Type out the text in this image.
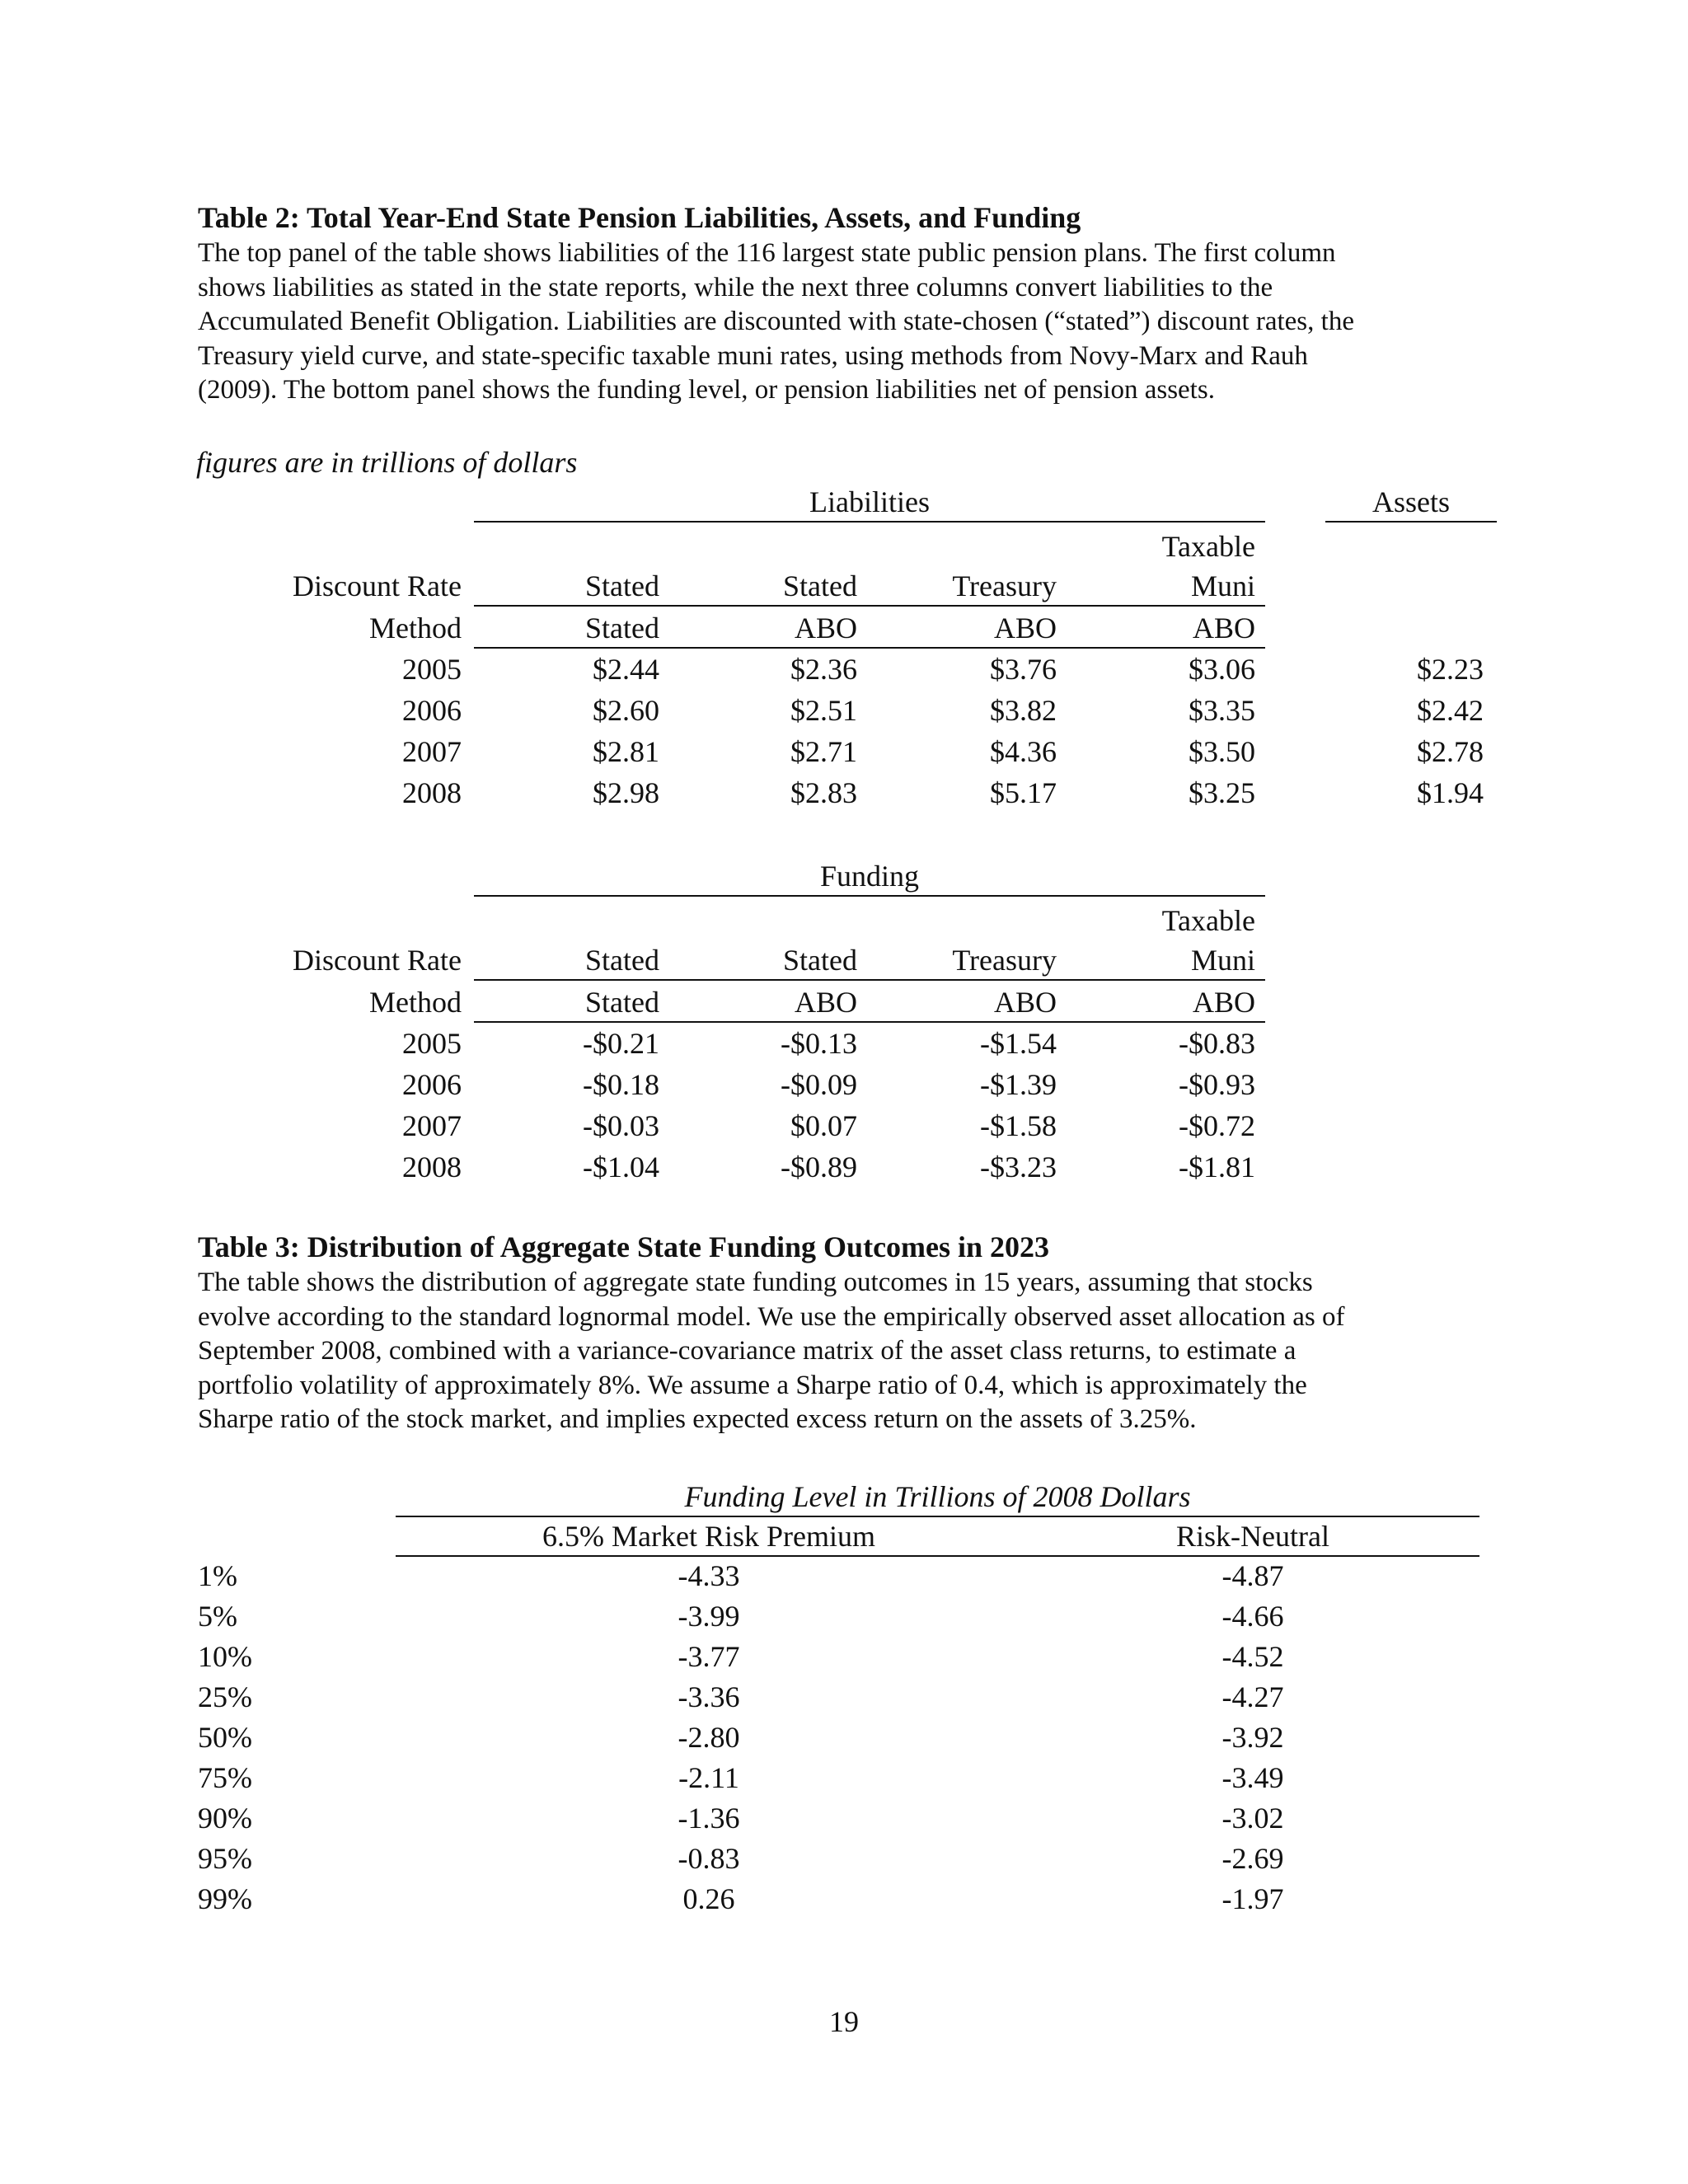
Table 2: Total Year-End State Pension Liabilities, Assets, and Funding
The top panel of the table shows liabilities of the 116 largest state public pension plans. The first column
shows liabilities as stated in the state reports, while the next three columns convert liabilities to the
Accumulated Benefit Obligation. Liabilities are discounted with state-chosen (“stated”) discount rates, the
Treasury yield curve, and state-specific taxable muni rates, using methods from Novy-Marx and Rauh
(2009). The bottom panel shows the funding level, or pension liabilities net of pension assets.
figures are in trillions of dollars
Liabilities	Assets
Taxable
Discount Rate	Stated	Stated	Treasury	Muni
Method	Stated	ABO	ABO	ABO
2005	$2.44	$2.36	$3.76	$3.06	$2.23
2006	$2.60	$2.51	$3.82	$3.35	$2.42
2007	$2.81	$2.71	$4.36	$3.50	$2.78
2008	$2.98	$2.83	$5.17	$3.25	$1.94
Funding
Taxable
Discount Rate	Stated	Stated	Treasury	Muni
Method	Stated	ABO	ABO	ABO
2005	-$0.21	-$0.13	-$1.54	-$0.83
2006	-$0.18	-$0.09	-$1.39	-$0.93
2007	-$0.03	$0.07	-$1.58	-$0.72
2008	-$1.04	-$0.89	-$3.23	-$1.81
Table 3: Distribution of Aggregate State Funding Outcomes in 2023
The table shows the distribution of aggregate state funding outcomes in 15 years, assuming that stocks
evolve according to the standard lognormal model. We use the empirically observed asset allocation as of
September 2008, combined with a variance-covariance matrix of the asset class returns, to estimate a
portfolio volatility of approximately 8%. We assume a Sharpe ratio of 0.4, which is approximately the
Sharpe ratio of the stock market, and implies expected excess return on the assets of 3.25%.
Funding Level in Trillions of 2008 Dollars
6.5% Market Risk Premium	Risk-Neutral
1%	-4.33	-4.87
5%	-3.99	-4.66
10%	-3.77	-4.52
25%	-3.36	-4.27
50%	-2.80	-3.92
75%	-2.11	-3.49
90%	-1.36	-3.02
95%	-0.83	-2.69
99%	0.26	-1.97
19
